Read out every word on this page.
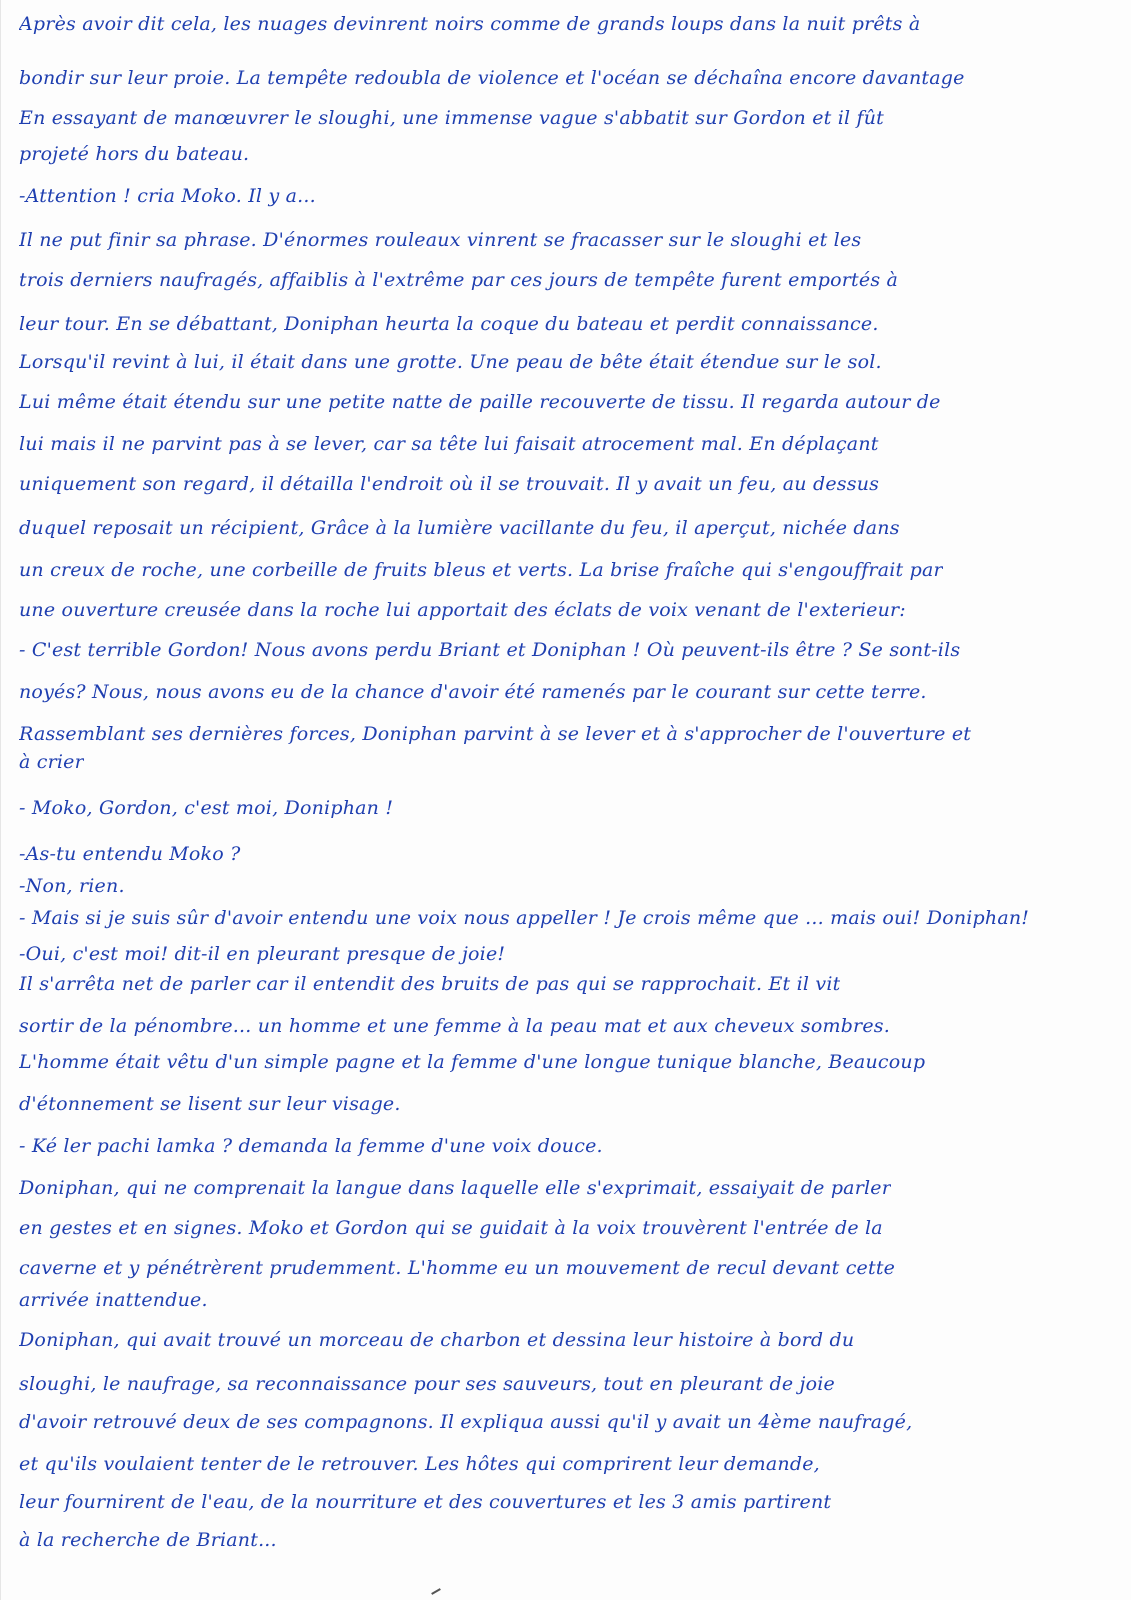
Après avoir dit cela, les nuages devinrent noirs comme de grands loups dans la nuit prêts à
bondir sur leur proie. La tempête redoubla de violence et l'océan se déchaîna encore davantage
En essayant de manœuvrer le sloughi, une immense vague s'abbatit sur Gordon et il fût
projeté hors du bateau.
-Attention ! cria Moko. Il y a...
Il ne put finir sa phrase. D'énormes rouleaux vinrent se fracasser sur le sloughi et les
trois derniers naufragés, affaiblis à l'extrême par ces jours de tempête furent emportés à
leur tour. En se débattant, Doniphan heurta la coque du bateau et perdit connaissance.
Lorsqu'il revint à lui, il était dans une grotte. Une peau de bête était étendue sur le sol.
Lui même était étendu sur une petite natte de paille recouverte de tissu. Il regarda autour de
lui mais il ne parvint pas à se lever, car sa tête lui faisait atrocement mal. En déplaçant
uniquement son regard, il détailla l'endroit où il se trouvait. Il y avait un feu, au dessus
duquel reposait un récipient, Grâce à la lumière vacillante du feu, il aperçut, nichée dans
un creux de roche, une corbeille de fruits bleus et verts. La brise fraîche qui s'engouffrait par
une ouverture creusée dans la roche lui apportait des éclats de voix venant de l'exterieur:
- C'est terrible Gordon! Nous avons perdu Briant et Doniphan ! Où peuvent-ils être ? Se sont-ils
noyés? Nous, nous avons eu de la chance d'avoir été ramenés par le courant sur cette terre.
Rassemblant ses dernières forces, Doniphan parvint à se lever et à s'approcher de l'ouverture et
à crier
- Moko, Gordon, c'est moi, Doniphan !
-As-tu entendu Moko ?
-Non, rien.
- Mais si je suis sûr d'avoir entendu une voix nous appeller ! Je crois même que ... mais oui! Doniphan!
-Oui, c'est moi! dit-il en pleurant presque de joie!
Il s'arrêta net de parler car il entendit des bruits de pas qui se rapprochait. Et il vit
sortir de la pénombre... un homme et une femme à la peau mat et aux cheveux sombres.
L'homme était vêtu d'un simple pagne et la femme d'une longue tunique blanche, Beaucoup
d'étonnement se lisent sur leur visage.
- Ké ler pachi lamka ? demanda la femme d'une voix douce.
Doniphan, qui ne comprenait la langue dans laquelle elle s'exprimait, essaiyait de parler
en gestes et en signes. Moko et Gordon qui se guidait à la voix trouvèrent l'entrée de la
caverne et y pénétrèrent prudemment. L'homme eu un mouvement de recul devant cette
arrivée inattendue.
Doniphan, qui avait trouvé un morceau de charbon et dessina leur histoire à bord du
sloughi, le naufrage, sa reconnaissance pour ses sauveurs, tout en pleurant de joie
d'avoir retrouvé deux de ses compagnons. Il expliqua aussi qu'il y avait un 4ème naufragé,
et qu'ils voulaient tenter de le retrouver. Les hôtes qui comprirent leur demande,
leur fournirent de l'eau, de la nourriture et des couvertures et les 3 amis partirent
à la recherche de Briant...
